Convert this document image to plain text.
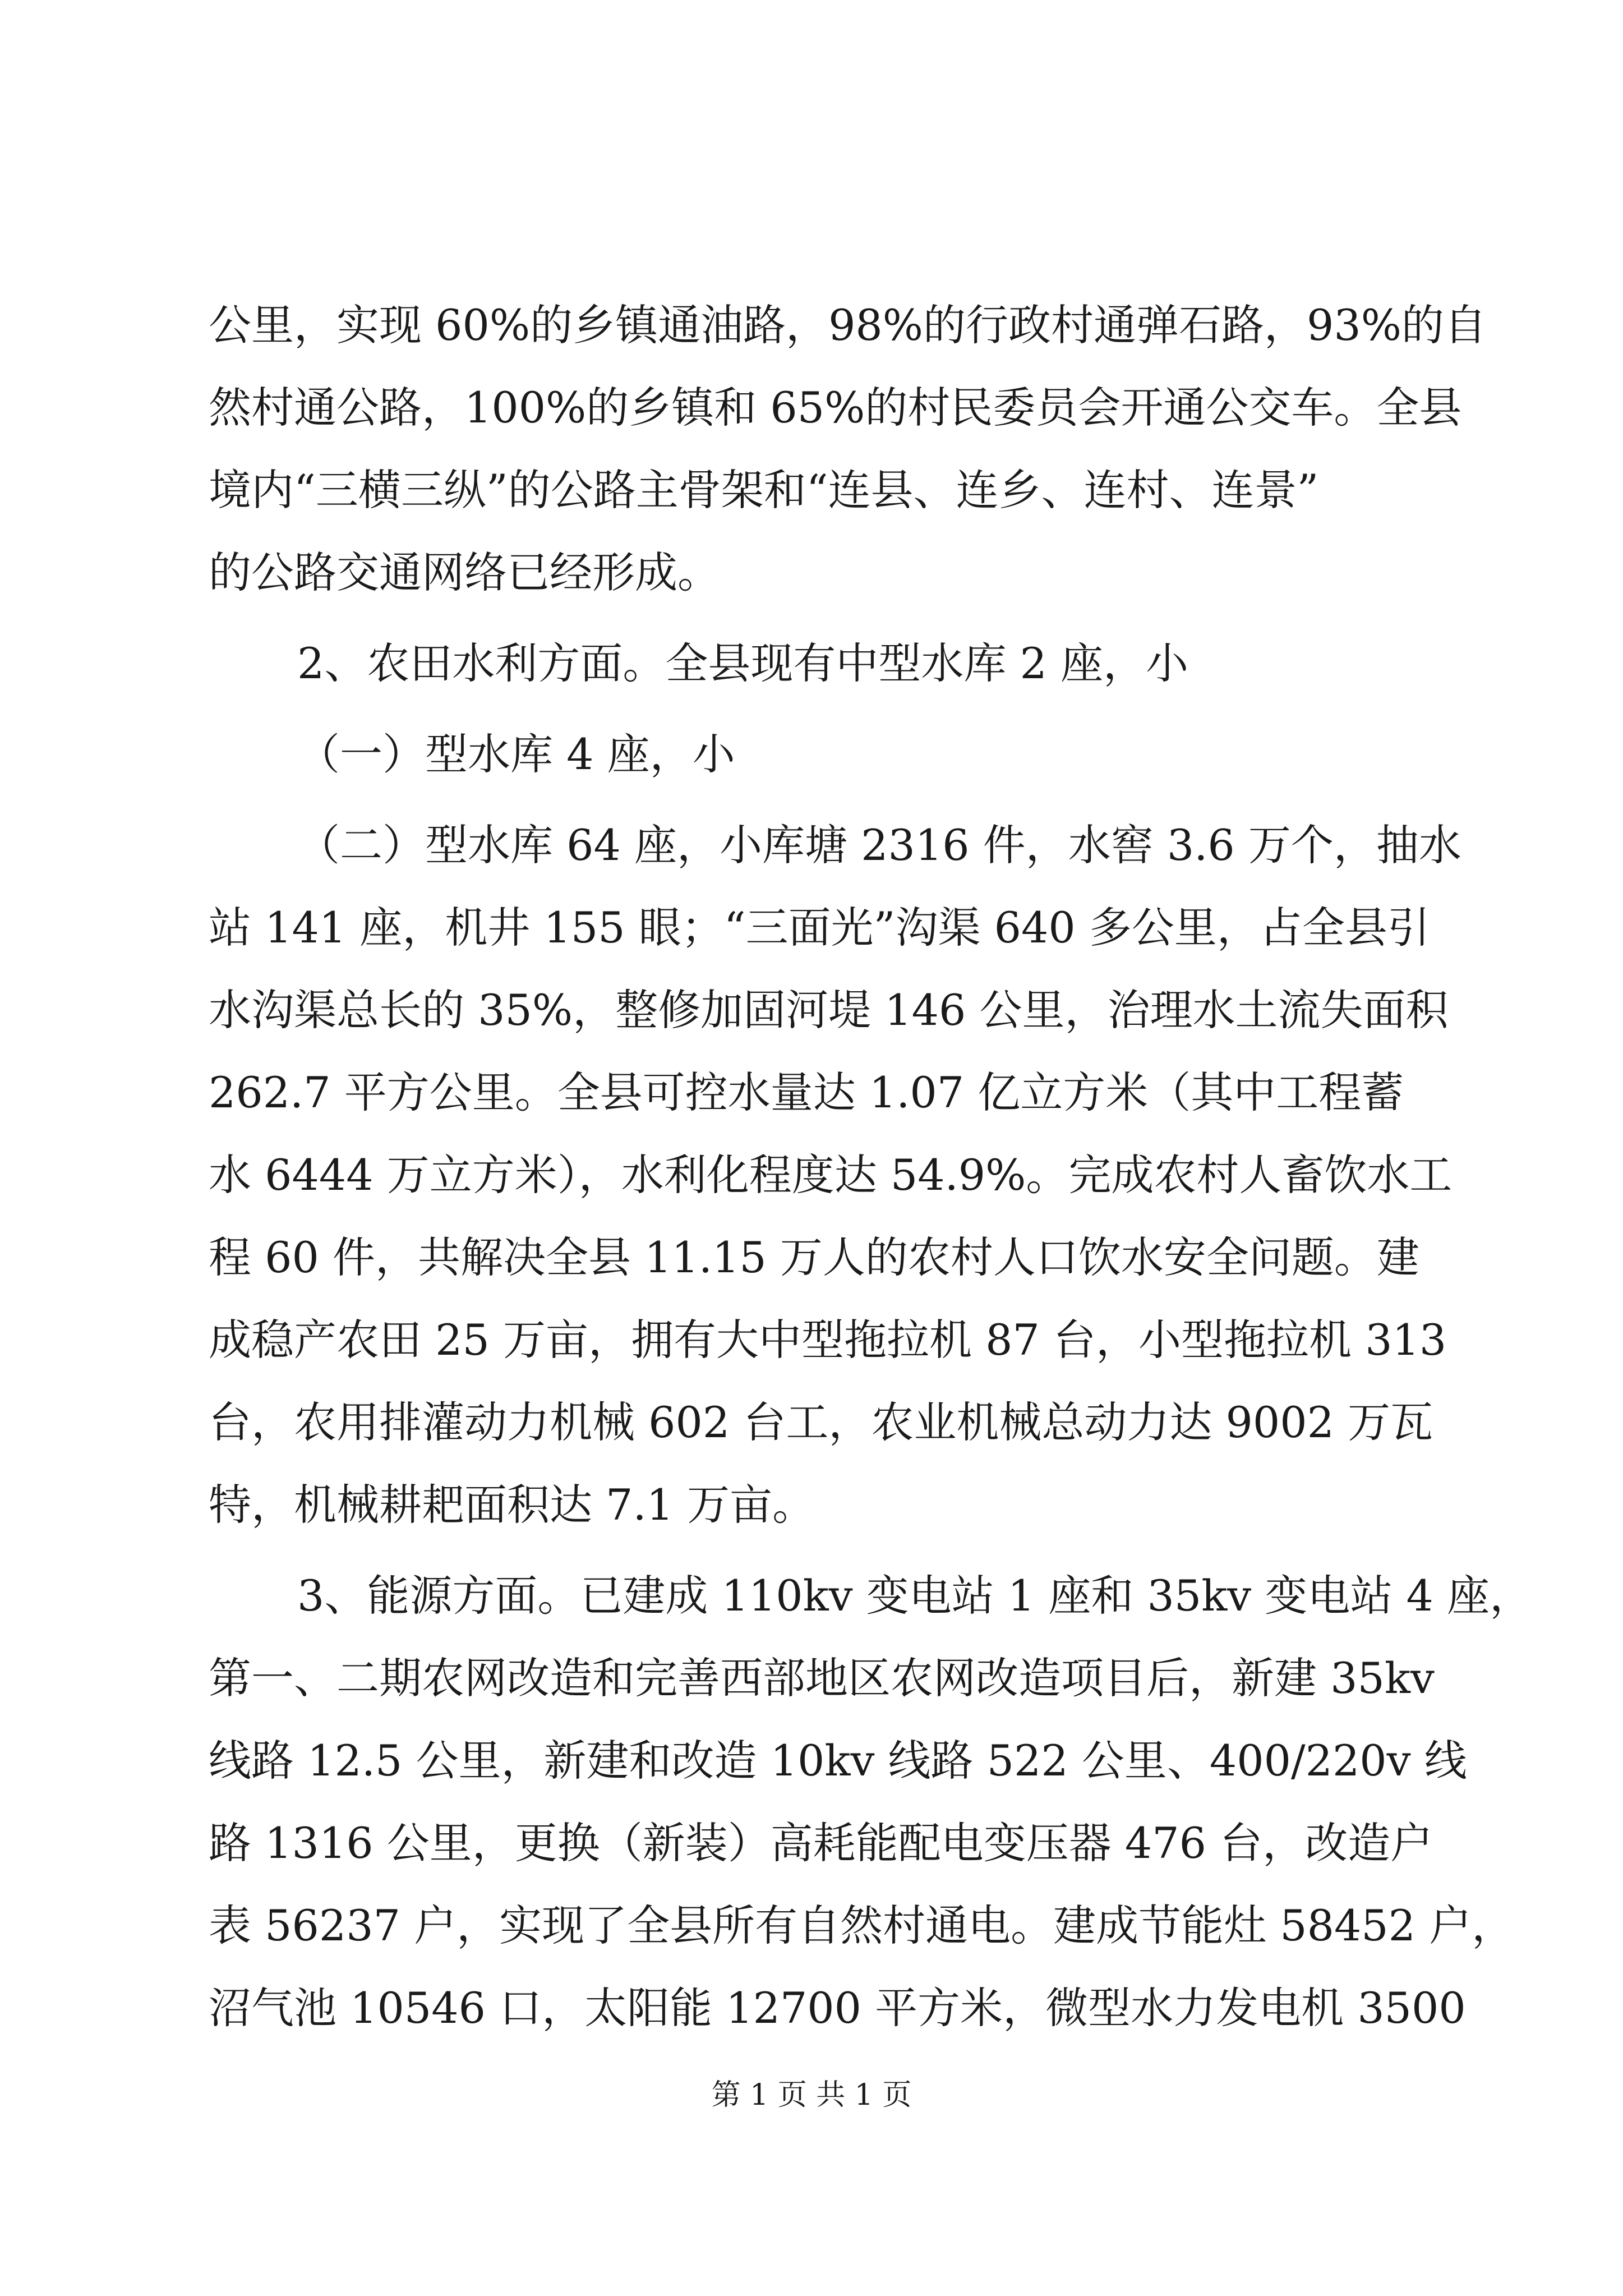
公里，实现 60%的乡镇通油路，98%的行政村通弹石路，93%的自
然村通公路，100%的乡镇和 65%的村民委员会开通公交车。全县
境内“三横三纵”的公路主骨架和“连县、连乡、连村、连景”
的公路交通网络已经形成。
2、农田水利方面。全县现有中型水库 2 座，小
（一）型水库 4 座，小
（二）型水库 64 座，小库塘 2316 件，水窖 3.6 万个，抽水
站 141 座，机井 155 眼；“三面光”沟渠 640 多公里，占全县引
水沟渠总长的 35%，整修加固河堤 146 公里，治理水土流失面积
262.7 平方公里。全县可控水量达 1.07 亿立方米（其中工程蓄
水 6444 万立方米），水利化程度达 54.9%。完成农村人畜饮水工
程 60 件，共解决全县 11.15 万人的农村人口饮水安全问题。建
成稳产农田 25 万亩，拥有大中型拖拉机 87 台，小型拖拉机 313
台，农用排灌动力机械 602 台工，农业机械总动力达 9002 万瓦
特，机械耕耙面积达 7.1 万亩。
3、能源方面。已建成 110kv 变电站 1 座和 35kv 变电站 4 座，
第一、二期农网改造和完善西部地区农网改造项目后，新建 35kv
线路 12.5 公里，新建和改造 10kv 线路 522 公里、400/220v 线
路 1316 公里，更换（新装）高耗能配电变压器 476 台，改造户
表 56237 户，实现了全县所有自然村通电。建成节能灶 58452 户，
沼气池 10546 口，太阳能 12700 平方米，微型水力发电机 3500
第 1 页 共 1 页
